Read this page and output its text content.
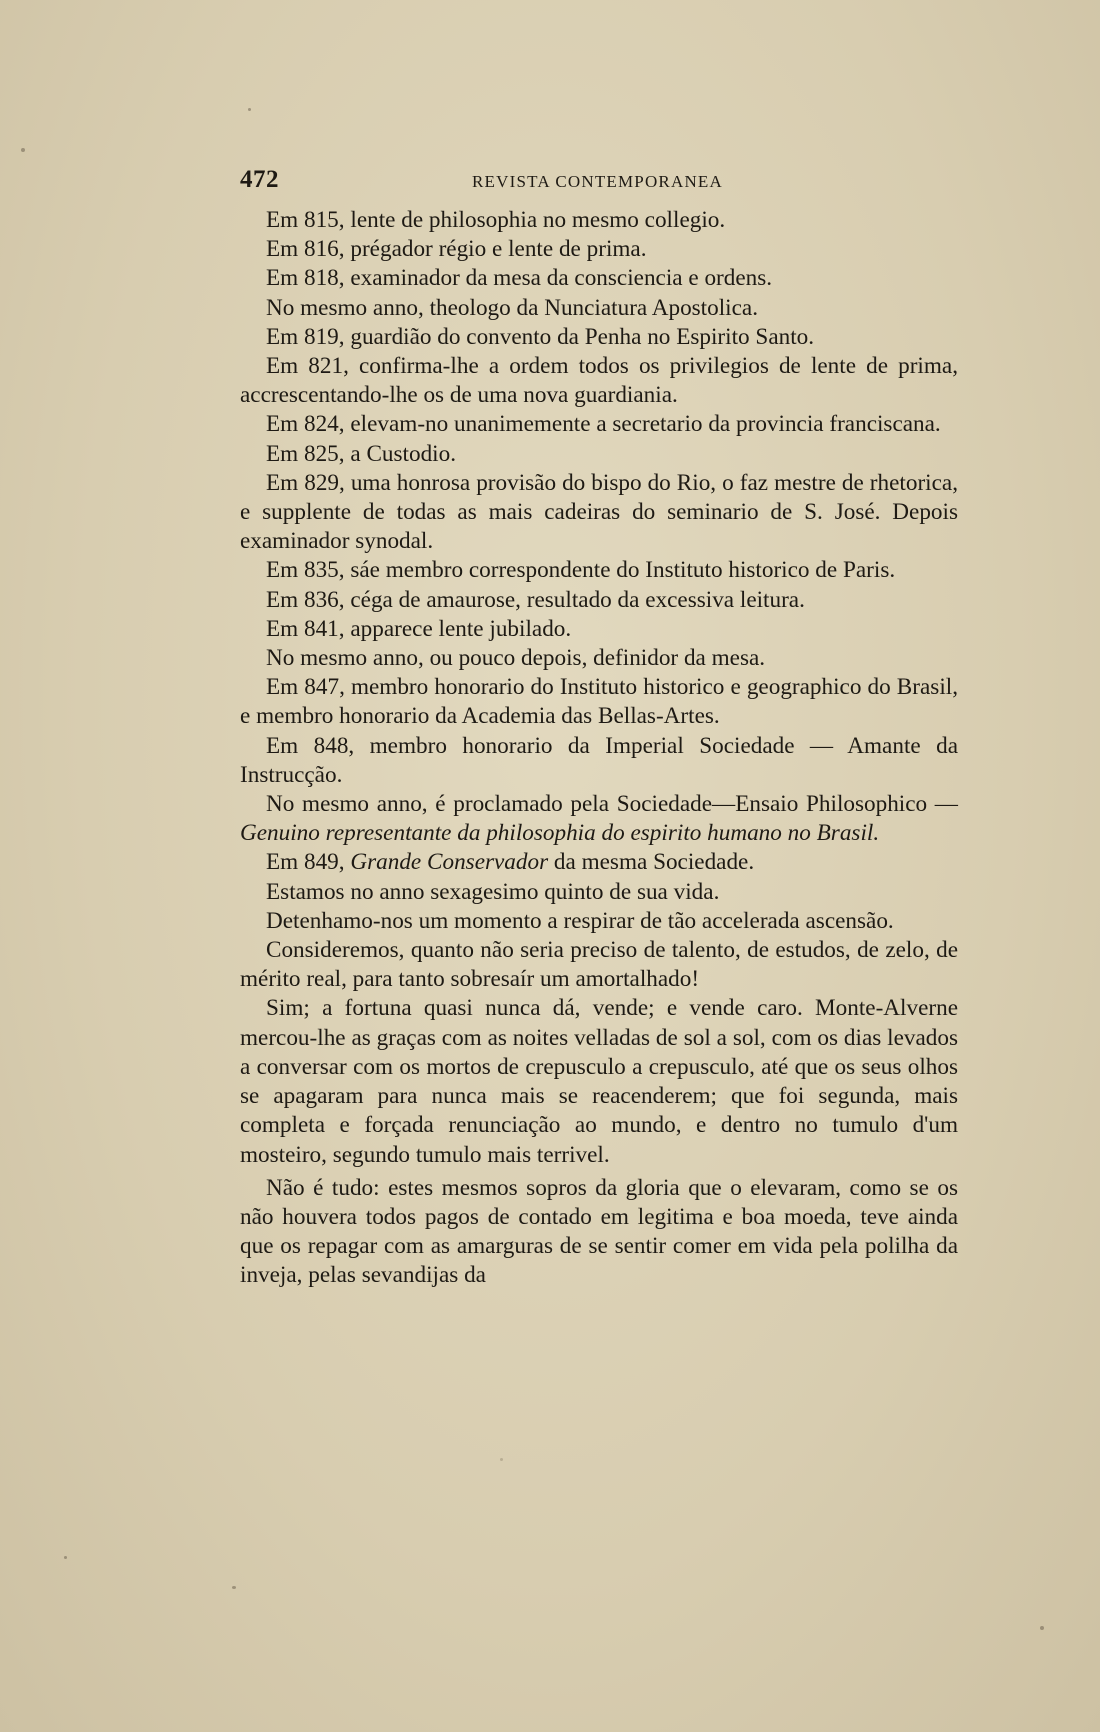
472	REVISTA CONTEMPORANEA

Em 815, lente de philosophia no mesmo collegio.

Em 816, prégador régio e lente de prima.

Em 818, examinador da mesa da consciencia e ordens.

No mesmo anno, theologo da Nunciatura Apostolica.

Em 819, guardião do convento da Penha no Espirito Santo.

Em 821, confirma-lhe a ordem todos os privilegios de lente de prima, accrescentando-lhe os de uma nova guardiania.

Em 824, elevam-no unanimemente a secretario da provincia franciscana.

Em 825, a Custodio.

Em 829, uma honrosa provisão do bispo do Rio, o faz mestre de rhetorica, e supplente de todas as mais cadeiras do seminario de S. José. Depois examinador synodal.

Em 835, sáe membro correspondente do Instituto historico de Paris.

Em 836, céga de amaurose, resultado da excessiva leitura.

Em 841, apparece lente jubilado.

No mesmo anno, ou pouco depois, definidor da mesa.

Em 847, membro honorario do Instituto historico e geographico do Brasil, e membro honorario da Academia das Bellas-Artes.

Em 848, membro honorario da Imperial Sociedade — Amante da Instrucção.

No mesmo anno, é proclamado pela Sociedade—Ensaio Philosophico — Genuino representante da philosophia do espirito humano no Brasil.

Em 849, Grande Conservador da mesma Sociedade.

Estamos no anno sexagesimo quinto de sua vida.

Detenhamo-nos um momento a respirar de tão accelerada ascensão.

Consideremos, quanto não seria preciso de talento, de estudos, de zelo, de mérito real, para tanto sobresaír um amortalhado!

Sim; a fortuna quasi nunca dá, vende; e vende caro. Monte-Alverne mercou-lhe as graças com as noites velladas de sol a sol, com os dias levados a conversar com os mortos de crepusculo a crepusculo, até que os seus olhos se apagaram para nunca mais se reacenderem; que foi segunda, mais completa e forçada renunciação ao mundo, e dentro no tumulo d'um mosteiro, segundo tumulo mais terrivel.

Não é tudo: estes mesmos sopros da gloria que o elevaram, como se os não houvera todos pagos de contado em legitima e boa moeda, teve ainda que os repagar com as amarguras de se sentir comer em vida pela polilha da inveja, pelas sevandijas da
